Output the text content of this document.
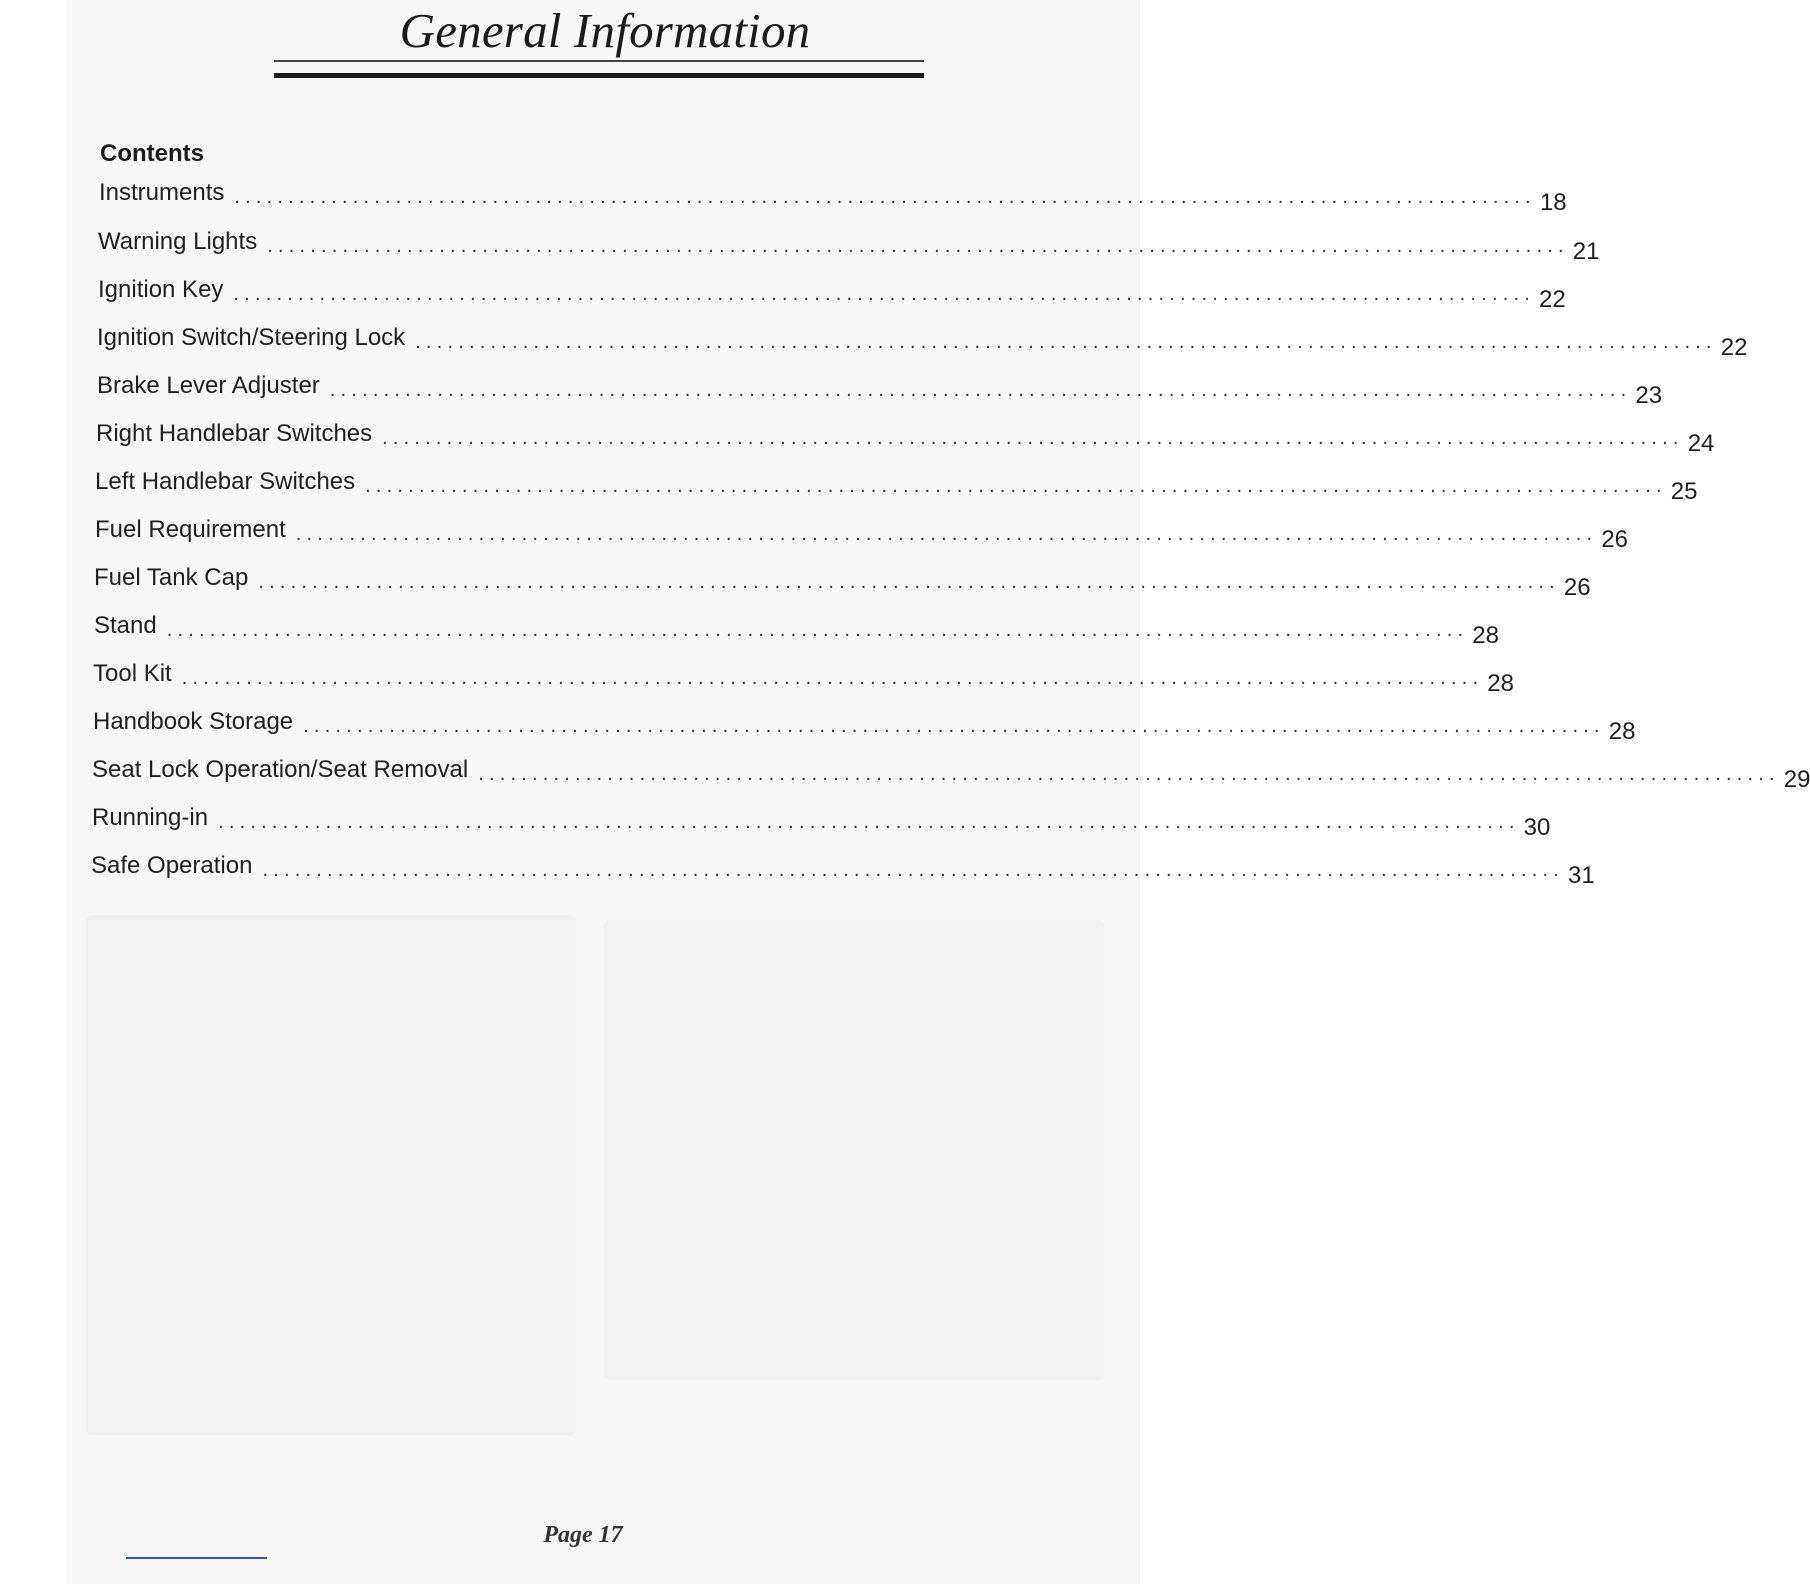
General Information
Contents
Instruments ......................................................................................................................... 18
Warning Lights ......................................................................................................................... 21
Ignition Key ......................................................................................................................... 22
Ignition Switch/Steering Lock ......................................................................................................................... 22
Brake Lever Adjuster ......................................................................................................................... 23
Right Handlebar Switches ......................................................................................................................... 24
Left Handlebar Switches ......................................................................................................................... 25
Fuel Requirement ......................................................................................................................... 26
Fuel Tank Cap ......................................................................................................................... 26
Stand ......................................................................................................................... 28
Tool Kit ......................................................................................................................... 28
Handbook Storage ......................................................................................................................... 28
Seat Lock Operation/Seat Removal ......................................................................................................................... 29
Running-in ......................................................................................................................... 30
Safe Operation ......................................................................................................................... 31
Page 17
